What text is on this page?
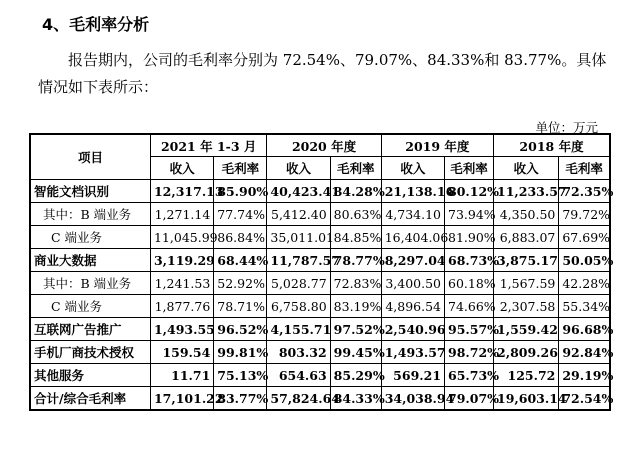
4、毛利率分析
报告期内，公司的毛利率分别为 72.54%、79.07%、84.33%和 83.77%。具体情况如下表所示：
单位：万元
项目	2021 年 1-3 月		2020 年度		2019 年度		2018 年度	
	收入	毛利率	收入	毛利率	收入	毛利率	收入	毛利率
智能文档识别	12,317.13	85.90%	40,423.41	84.28%	21,138.16	80.12%	11,233.57	72.35%
其中：B 端业务	1,271.14	77.74%	5,412.40	80.63%	4,734.10	73.94%	4,350.50	79.72%
C 端业务	11,045.99	86.84%	35,011.01	84.85%	16,404.06	81.90%	6,883.07	67.69%
商业大数据	3,119.29	68.44%	11,787.57	78.77%	8,297.04	68.73%	3,875.17	50.05%
其中：B 端业务	1,241.53	52.92%	5,028.77	72.83%	3,400.50	60.18%	1,567.59	42.28%
C 端业务	1,877.76	78.71%	6,758.80	83.19%	4,896.54	74.66%	2,307.58	55.34%
互联网广告推广	1,493.55	96.52%	4,155.71	97.52%	2,540.96	95.57%	1,559.42	96.68%
手机厂商技术授权	159.54	99.81%	803.32	99.45%	1,493.57	98.72%	2,809.26	92.84%
其他服务	11.71	75.13%	654.63	85.29%	569.21	65.73%	125.72	29.19%
合计/综合毛利率	17,101.22	83.77%	57,824.64	84.33%	34,038.94	79.07%	19,603.14	72.54%
